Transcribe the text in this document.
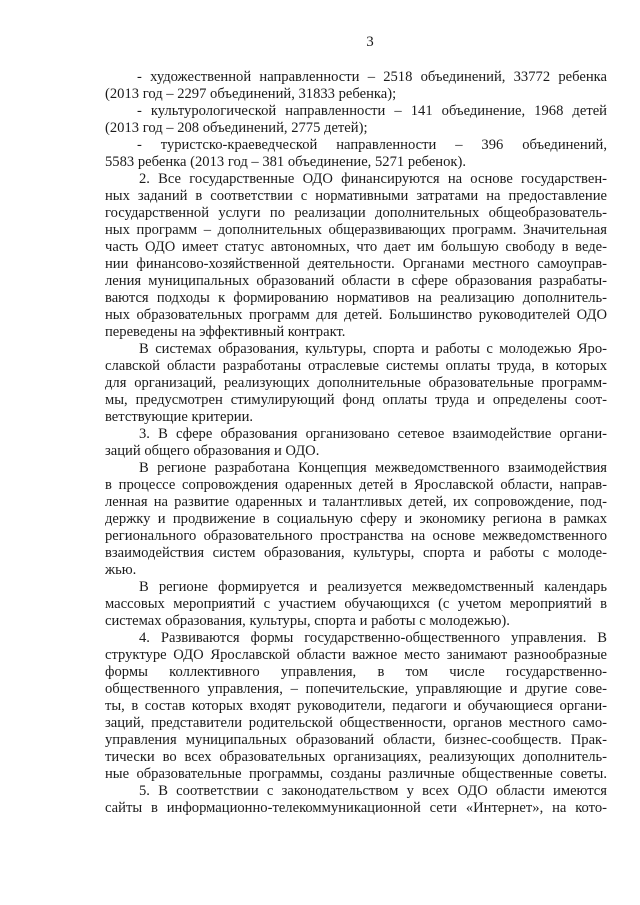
3
- художественной направленности – 2518 объединений, 33772 ребенка
(2013 год – 2297 объединений, 31833 ребенка);
- культурологической направленности – 141 объединение, 1968 детей
(2013 год – 208 объединений, 2775 детей);
- туристско-краеведческой направленности – 396 объединений,
5583 ребенка (2013 год – 381 объединение, 5271 ребенок).
2. Все государственные ОДО финансируются на основе государствен-
ных заданий в соответствии с нормативными затратами на предоставление
государственной услуги по реализации дополнительных общеобразователь-
ных программ – дополнительных общеразвивающих программ. Значительная
часть ОДО имеет статус автономных, что дает им большую свободу в веде-
нии финансово-хозяйственной деятельности. Органами местного самоуправ-
ления муниципальных образований области в сфере образования разрабаты-
ваются подходы к формированию нормативов на реализацию дополнитель-
ных образовательных программ для детей. Большинство руководителей ОДО
переведены на эффективный контракт.
В системах образования, культуры, спорта и работы с молодежью Яро-
славской области разработаны отраслевые системы оплаты труда, в которых
для организаций, реализующих дополнительные образовательные программ-
мы, предусмотрен стимулирующий фонд оплаты труда и определены соот-
ветствующие критерии.
3. В сфере образования организовано сетевое взаимодействие органи-
заций общего образования и ОДО.
В регионе разработана Концепция межведомственного взаимодействия
в процессе сопровождения одаренных детей в Ярославской области, направ-
ленная на развитие одаренных и талантливых детей, их сопровождение, под-
держку и продвижение в социальную сферу и экономику региона в рамках
регионального образовательного пространства на основе межведомственного
взаимодействия систем образования, культуры, спорта и работы с молоде-
жью.
В регионе формируется и реализуется межведомственный календарь
массовых мероприятий с участием обучающихся (с учетом мероприятий в
системах образования, культуры, спорта и работы с молодежью).
4. Развиваются формы государственно-общественного управления. В
структуре ОДО Ярославской области важное место занимают разнообразные
формы коллективного управления, в том числе государственно-
общественного управления, – попечительские, управляющие и другие сове-
ты, в состав которых входят руководители, педагоги и обучающиеся органи-
заций, представители родительской общественности, органов местного само-
управления муниципальных образований области, бизнес-сообществ. Прак-
тически во всех образовательных организациях, реализующих дополнитель-
ные образовательные программы, созданы различные общественные советы.
5. В соответствии с законодательством у всех ОДО области имеются
сайты в информационно-телекоммуникационной сети «Интернет», на кото-
